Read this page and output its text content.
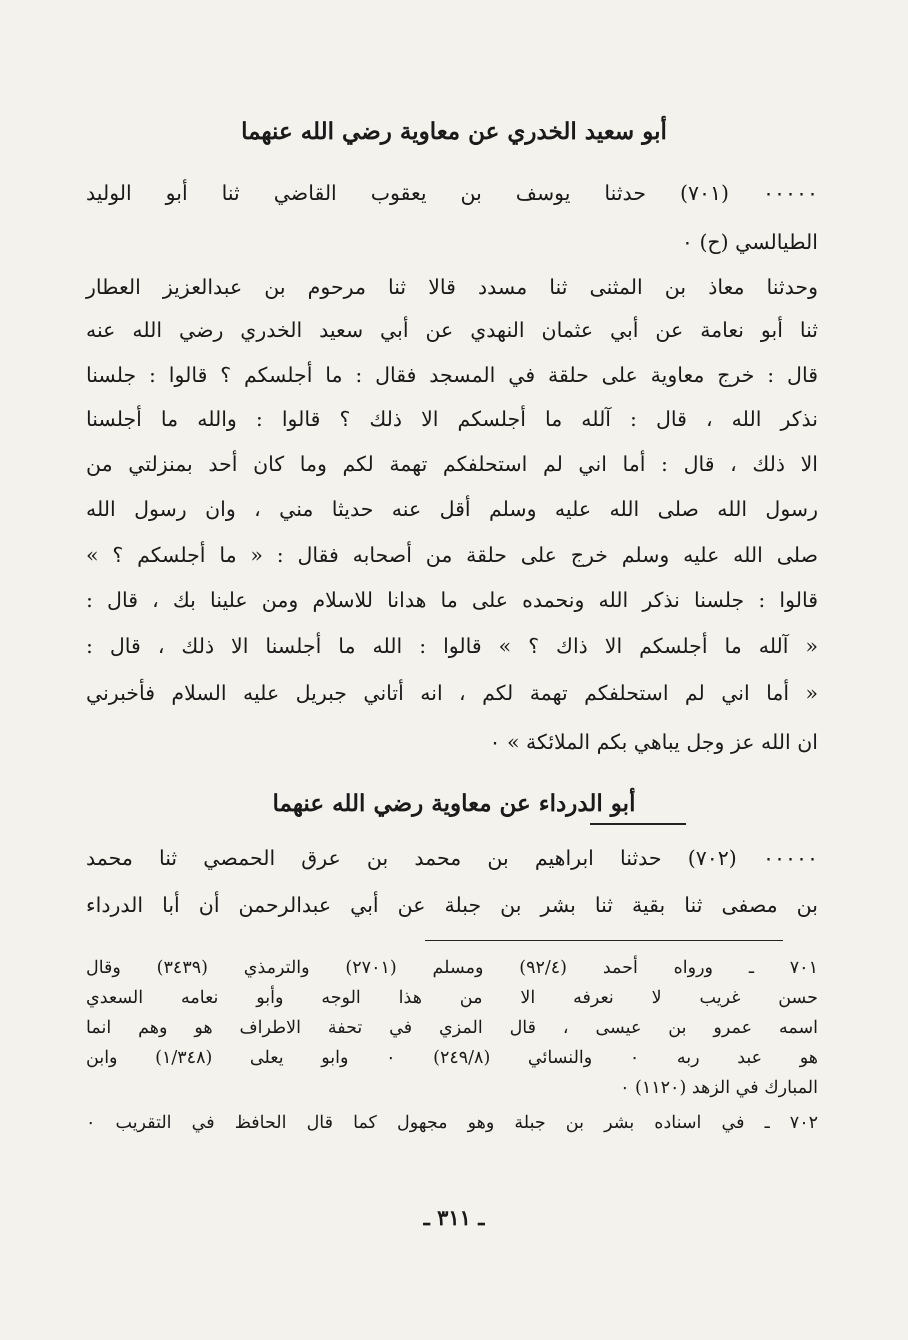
أبو سعيد الخدري عن معاوية رضي الله عنهما
٠٠٠٠٠ (٧٠١) حدثنا يوسف بن يعقوب القاضي ثنا أبو الوليد
الطيالسي (ح) ٠
وحدثنا معاذ بن المثنى ثنا مسدد قالا ثنا مرحوم بن عبدالعزيز العطار
ثنا أبو نعامة عن أبي عثمان النهدي عن أبي سعيد الخدري رضي الله عنه
قال : خرج معاوية على حلقة في المسجد فقال : ما أجلسكم ؟ قالوا : جلسنا
نذكر الله ، قال : آلله ما أجلسكم الا ذلك ؟ قالوا : والله ما أجلسنا
الا ذلك ، قال : أما اني لم استحلفكم تهمة لكم وما كان أحد بمنزلتي من
رسول الله صلى الله عليه وسلم أقل عنه حديثا مني ، وان رسول الله
صلى الله عليه وسلم خرج على حلقة من أصحابه فقال : « ما أجلسكم ؟ »
قالوا : جلسنا نذكر الله ونحمده على ما هدانا للاسلام ومن علينا بك ، قال :
« آلله ما أجلسكم الا ذاك ؟ » قالوا : الله ما أجلسنا الا ذلك ، قال :
« أما اني لم استحلفكم تهمة لكم ، انه أتاني جبريل عليه السلام فأخبرني
ان الله عز وجل يباهي بكم الملائكة » ٠
أبو الدرداء عن معاوية رضي الله عنهما
٠٠٠٠٠ (٧٠٢) حدثنا ابراهيم بن محمد بن عرق الحمصي ثنا محمد
بن مصفى ثنا بقية ثنا بشر بن جبلة عن أبي عبدالرحمن أن أبا الدرداء
٧٠١ ـ ورواه أحمد (٩٢/٤) ومسلم (٢٧٠١) والترمذي (٣٤٣٩) وقال
حسن غريب لا نعرفه الا من هذا الوجه وأبو نعامه السعدي
اسمه عمرو بن عيسى ، قال المزي في تحفة الاطراف هو وهم انما
هو عبد ربه ٠ والنسائي (٢٤٩/٨) ٠ وابو يعلى (١/٣٤٨) وابن
المبارك في الزهد (١١٢٠) ٠
٧٠٢ ـ في اسناده بشر بن جبلة وهو مجهول كما قال الحافظ في التقريب ٠
ـ ٣١١ ـ
